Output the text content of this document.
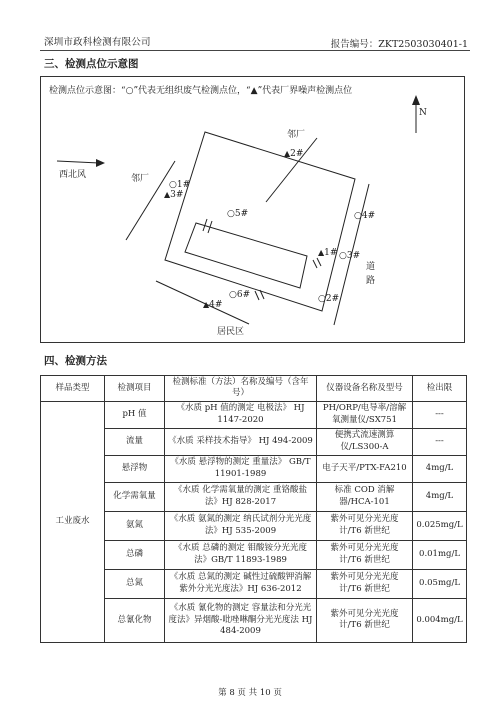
深圳市政科检测有限公司	报告编号：ZKT2503030401-1
三、检测点位示意图
检测点位示意图：“○”代表无组织废气检测点位，“▲”代表厂界噪声检测点位
N
西北风
邻厂
邻厂
居民区
道
路
○1#
○5#	○4#
○3#
○6#	○2#
▲2#
▲3#
▲1#
▲4#
四、检测方法
样品类型	检测项目	检测标准（方法）名称及编号（含年号）	仪器设备名称及型号	检出限
工业废水	pH 值	《水质 pH 值的测定 电极法》 HJ 1147-2020	PH/ORP/电导率/溶解氧测量仪/SX751	---
	流量	《水质 采样技术指导》 HJ 494-2009	便携式流速测算仪/LS300-A	---
	悬浮物	《水质 悬浮物的测定 重量法》 GB/T 11901-1989	电子天平/PTX-FA210	4mg/L
	化学需氧量	《水质 化学需氧量的测定 重铬酸盐法》HJ 828-2017	标准 COD 消解器/HCA-101	4mg/L
	氨氮	《水质 氨氮的测定 纳氏试剂分光光度法》HJ 535-2009	紫外可见分光光度计/T6 新世纪	0.025mg/L
	总磷	《水质 总磷的测定 钼酸铵分光光度法》GB/T 11893-1989	紫外可见分光光度计/T6 新世纪	0.01mg/L
	总氮	《水质 总氮的测定 碱性过硫酸钾消解紫外分光光度法》HJ 636-2012	紫外可见分光光度计/T6 新世纪	0.05mg/L
	总氰化物	《水质 氰化物的测定 容量法和分光光度法》异烟酸-吡唑啉酮分光光度法 HJ 484-2009	紫外可见分光光度计/T6 新世纪	0.004mg/L
第 8 页 共 10 页
